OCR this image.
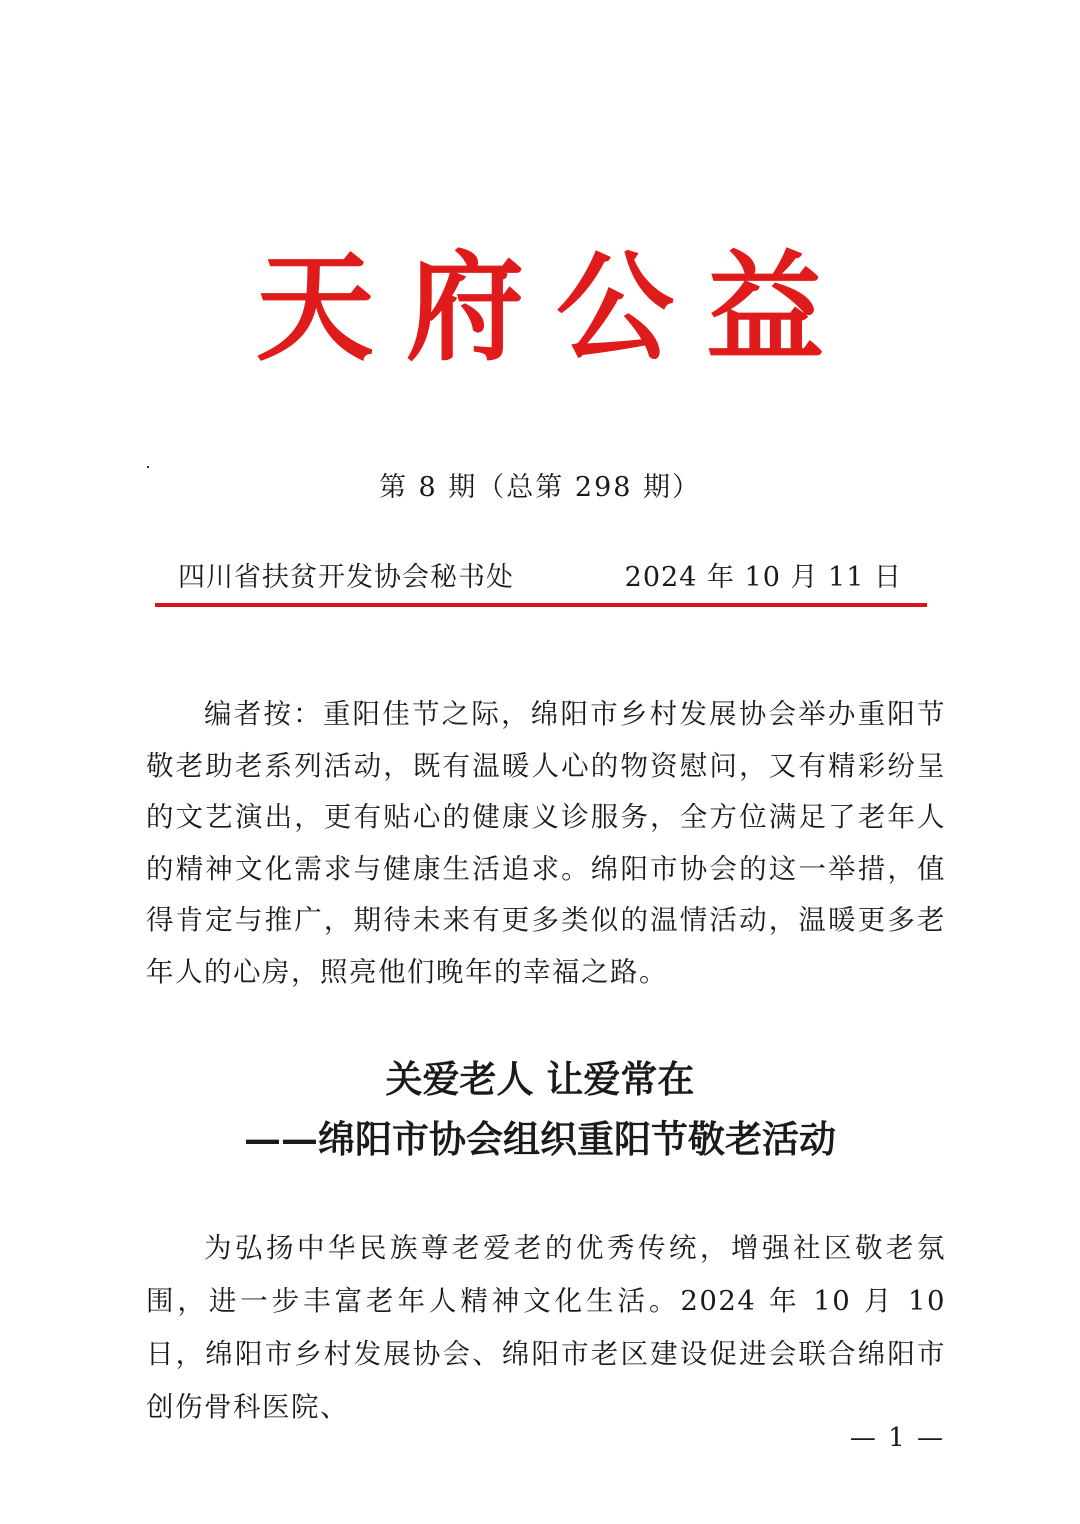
天府公益
第 8 期（总第 298 期）
四川省扶贫开发协会秘书处	2024 年 10 月 11 日

编者按：重阳佳节之际，绵阳市乡村发展协会举办重阳节敬老助老系列活动，既有温暖人心的物资慰问，又有精彩纷呈的文艺演出，更有贴心的健康义诊服务，全方位满足了老年人的精神文化需求与健康生活追求。绵阳市协会的这一举措，值得肯定与推广，期待未来有更多类似的温情活动，温暖更多老年人的心房，照亮他们晚年的幸福之路。

关爱老人 让爱常在
——绵阳市协会组织重阳节敬老活动

为弘扬中华民族尊老爱老的优秀传统，增强社区敬老氛围，进一步丰富老年人精神文化生活。2024 年 10 月 10 日，绵阳市乡村发展协会、绵阳市老区建设促进会联合绵阳市创伤骨科医院、

— 1 —
